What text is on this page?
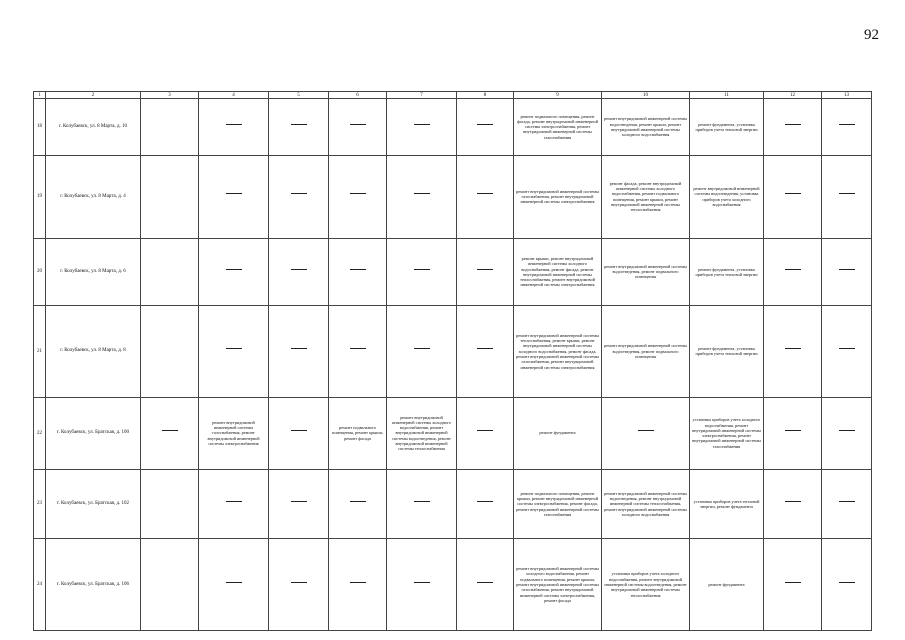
92
1	2	3	4	5	6	7	8	9	10	11	12	13
18	г. Колубаевск, ул. 8 Марта, д. 10							ремонт подвального помещения, ремонт фасада, ремонт внутридомовой инженерной системы электроснабжения, ремонт внутридомовой инженерной системы газоснабжения	ремонт внутридомовой инженерной системы водоотведения, ремонт крыши, ремонт внутридомовой инженерной системы холодного водоснабжения	ремонт фундамента, установка приборов учета тепловой энергии		
19	г. Колубаевск, ул. 8 Марта, д. 4							ремонт внутридомовой инженерной системы газоснабжения, ремонт внутридомовой инженерной системы электроснабжения	ремонт фасада, ремонт внутридомовой инженерной системы холодного водоснабжения, ремонт подвального помещения, ремонт крыши, ремонт внутридомовой инженерной системы теплоснабжения	ремонт внутридомовой инженерной системы водоотведения, установка приборов учета холодного водоснабжения		
20	г. Колубаевск, ул. 8 Марта, д. 6							ремонт крыши, ремонт внутридомовой инженерной системы холодного водоснабжения, ремонт фасада, ремонт внутридомовой инженерной системы теплоснабжения, ремонт внутридомовой инженерной системы электроснабжения	ремонт внутридомовой инженерной системы водоотведения, ремонт подвального помещения	ремонт фундамента, установка приборов учета тепловой энергии		
21	г. Колубаевск, ул. 8 Марта, д. 8							ремонт внутридомовой инженерной системы теплоснабжения, ремонт крыши, ремонт внутридомовой инженерной системы холодного водоснабжения, ремонт фасада, ремонт внутридомовой инженерной системы газоснабжения, ремонт внутридомовой инженерной системы электроснабжения	ремонт внутридомовой инженерной системы водоотведения, ремонт подвального помещения	ремонт фундамента, установка приборов учета тепловой энергии		
22	г. Колубаевск, ул. Братская, д. 100		ремонт внутридомовой инженерной системы газоснабжения, ремонт внутридомовой инженерной системы электроснабжения		ремонт подвального помещения, ремонт крыши, ремонт фасада	ремонт внутридомовой инженерной системы холодного водоснабжения, ремонт внутридомовой инженерной системы водоотведения, ремонт внутридомовой инженерной системы теплоснабжения		ремонт фундамента		установка приборов учета холодного водоснабжения, ремонт внутридомовой инженерной системы электроснабжения, ремонт внутридомовой инженерной системы газоснабжения		
23	г. Колубаевск, ул. Братская, д. 102							ремонт подвального помещения, ремонт крыши, ремонт внутридомовой инженерной системы электроснабжения, ремонт фасада, ремонт внутридомовой инженерной системы газоснабжения	ремонт внутридомовой инженерной системы водоотведения, ремонт внутридомовой инженерной системы теплоснабжения, ремонт внутридомовой инженерной системы холодного водоснабжения	установка приборов учета тепловой энергии, ремонт фундамента		
24	г. Колубаевск, ул. Братская, д. 106							ремонт внутридомовой инженерной системы холодного водоснабжения, ремонт подвального помещения, ремонт крыши, ремонт внутридомовой инженерной системы газоснабжения, ремонт внутридомовой инженерной системы электроснабжения, ремонт фасада	установка приборов учета холодного водоснабжения, ремонт внутридомовой инженерной системы водоотведения, ремонт внутридомовой инженерной системы теплоснабжения	ремонт фундамента		
